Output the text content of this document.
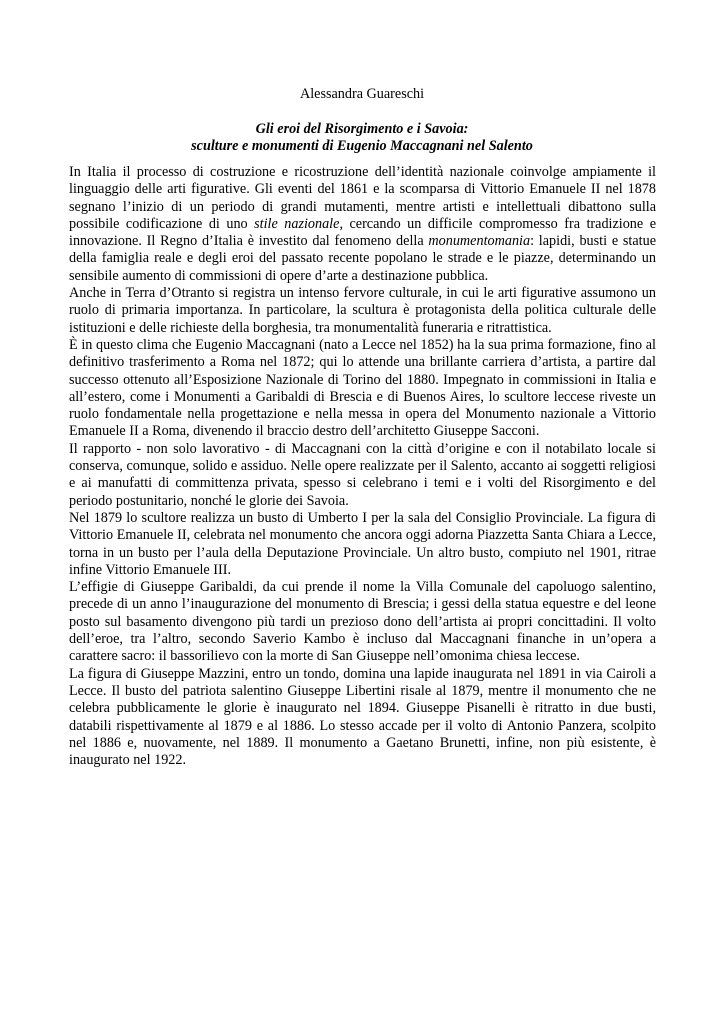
Alessandra Guareschi
Gli eroi del Risorgimento e i Savoia:
sculture e monumenti di Eugenio Maccagnani nel Salento

In Italia il processo di costruzione e ricostruzione dell’identità nazionale coinvolge ampiamente il linguaggio delle arti figurative. Gli eventi del 1861 e la scomparsa di Vittorio Emanuele II nel 1878 segnano l’inizio di un periodo di grandi mutamenti, mentre artisti e intellettuali dibattono sulla possibile codificazione di uno stile nazionale, cercando un difficile compromesso fra tradizione e innovazione. Il Regno d’Italia è investito dal fenomeno della monumentomania: lapidi, busti e statue della famiglia reale e degli eroi del passato recente popolano le strade e le piazze, determinando un sensibile aumento di commissioni di opere d’arte a destinazione pubblica.

Anche in Terra d’Otranto si registra un intenso fervore culturale, in cui le arti figurative assumono un ruolo di primaria importanza. In particolare, la scultura è protagonista della politica culturale delle istituzioni e delle richieste della borghesia, tra monumentalità funeraria e ritrattistica.

È in questo clima che Eugenio Maccagnani (nato a Lecce nel 1852) ha la sua prima formazione, fino al definitivo trasferimento a Roma nel 1872; qui lo attende una brillante carriera d’artista, a partire dal successo ottenuto all’Esposizione Nazionale di Torino del 1880. Impegnato in commissioni in Italia e all’estero, come i Monumenti a Garibaldi di Brescia e di Buenos Aires, lo scultore leccese riveste un ruolo fondamentale nella progettazione e nella messa in opera del Monumento nazionale a Vittorio Emanuele II a Roma, divenendo il braccio destro dell’architetto Giuseppe Sacconi.

Il rapporto - non solo lavorativo - di Maccagnani con la città d’origine e con il notabilato locale si conserva, comunque, solido e assiduo. Nelle opere realizzate per il Salento, accanto ai soggetti religiosi e ai manufatti di committenza privata, spesso si celebrano i temi e i volti del Risorgimento e del periodo postunitario, nonché le glorie dei Savoia.

Nel 1879 lo scultore realizza un busto di Umberto I per la sala del Consiglio Provinciale. La figura di Vittorio Emanuele II, celebrata nel monumento che ancora oggi adorna Piazzetta Santa Chiara a Lecce, torna in un busto per l’aula della Deputazione Provinciale. Un altro busto, compiuto nel 1901, ritrae infine Vittorio Emanuele III.

L’effigie di Giuseppe Garibaldi, da cui prende il nome la Villa Comunale del capoluogo salentino, precede di un anno l’inaugurazione del monumento di Brescia; i gessi della statua equestre e del leone posto sul basamento divengono più tardi un prezioso dono dell’artista ai propri concittadini. Il volto dell’eroe, tra l’altro, secondo Saverio Kambo è incluso dal Maccagnani finanche in un’opera a carattere sacro: il bassorilievo con la morte di San Giuseppe nell’omonima chiesa leccese.

La figura di Giuseppe Mazzini, entro un tondo, domina una lapide inaugurata nel 1891 in via Cairoli a Lecce. Il busto del patriota salentino Giuseppe Libertini risale al 1879, mentre il monumento che ne celebra pubblicamente le glorie è inaugurato nel 1894. Giuseppe Pisanelli è ritratto in due busti, databili rispettivamente al 1879 e al 1886. Lo stesso accade per il volto di Antonio Panzera, scolpito nel 1886 e, nuovamente, nel 1889. Il monumento a Gaetano Brunetti, infine, non più esistente, è inaugurato nel 1922.
